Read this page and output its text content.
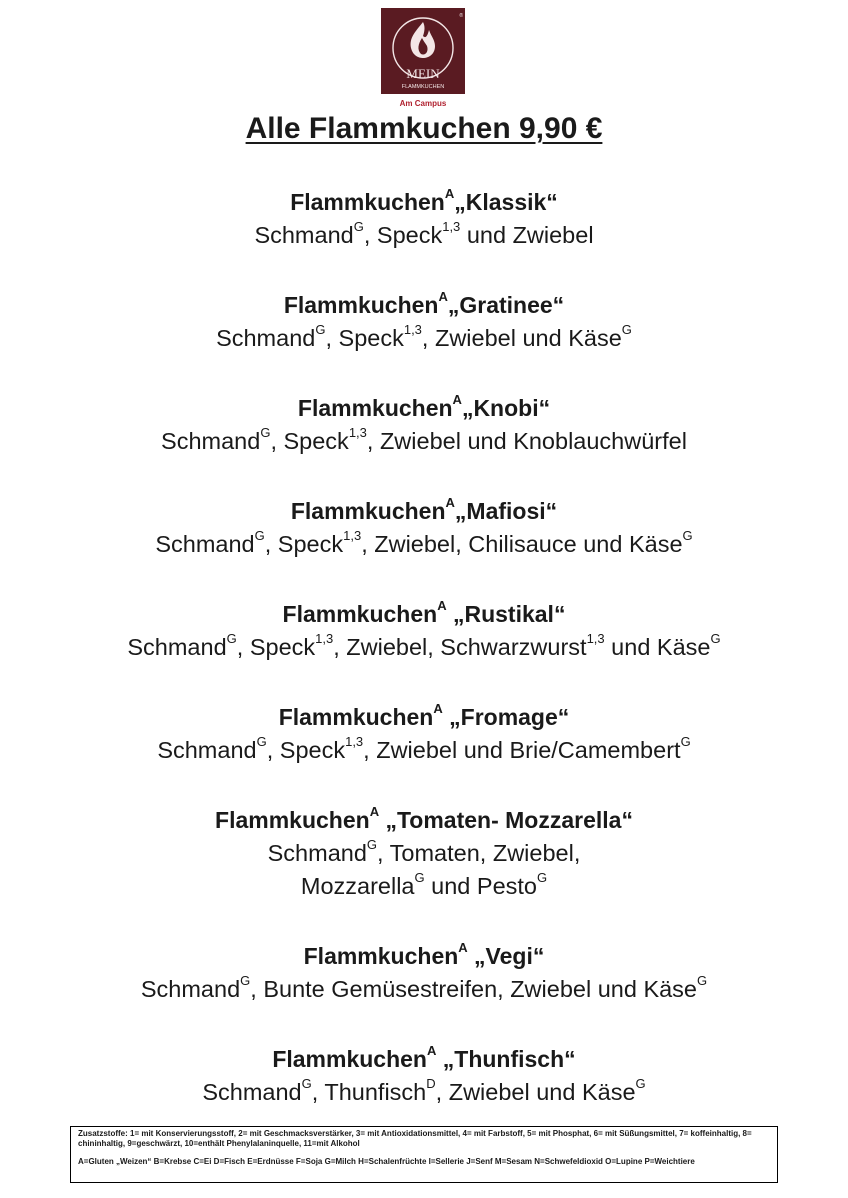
®
MEIN
FLAMMKUCHEN
Am Campus
Alle Flammkuchen 9,90 €
Flammkuchen$^A$„Klassik“
Schmand$^G$, Speck$^{1,3}$ und Zwiebel
Flammkuchen$^A$„Gratinee“
Schmand$^G$, Speck$^{1,3}$, Zwiebel und Käse$^G$
Flammkuchen$^A$„Knobi“
Schmand$^G$, Speck$^{1,3}$, Zwiebel und Knoblauchwürfel
Flammkuchen$^A$„Mafiosi“
Schmand$^G$, Speck$^{1,3}$, Zwiebel, Chilisauce und Käse$^G$
Flammkuchen$^A$ „Rustikal“
Schmand$^G$, Speck$^{1,3}$, Zwiebel, Schwarzwurst$^{1,3}$ und Käse$^G$
Flammkuchen$^A$ „Fromage“
Schmand$^G$, Speck$^{1,3}$, Zwiebel und Brie/Camembert$^G$
Flammkuchen$^A$ „Tomaten- Mozzarella“
Schmand$^G$, Tomaten, Zwiebel,
Mozzarella$^G$ und Pesto$^G$
Flammkuchen$^A$ „Vegi“
Schmand$^G$, Bunte Gemüsestreifen, Zwiebel und Käse$^G$
Flammkuchen$^A$ „Thunfisch“
Schmand$^G$, Thunfisch$^D$, Zwiebel und Käse$^G$

Zusatzstoffe: 1= mit Konservierungsstoff, 2= mit Geschmacksverstärker, 3= mit Antioxidationsmittel, 4= mit Farbstoff, 5= mit Phosphat, 6= mit Süßungsmittel, 7= koffeinhaltig, 8= chininhaltig, 9=geschwärzt, 10=enthält Phenylalaninquelle, 11=mit Alkohol

A=Gluten „Weizen“ B=Krebse C=Ei D=Fisch E=Erdnüsse F=Soja G=Milch H=Schalenfrüchte I=Sellerie J=Senf M=Sesam N=Schwefeldioxid O=Lupine P=Weichtiere
